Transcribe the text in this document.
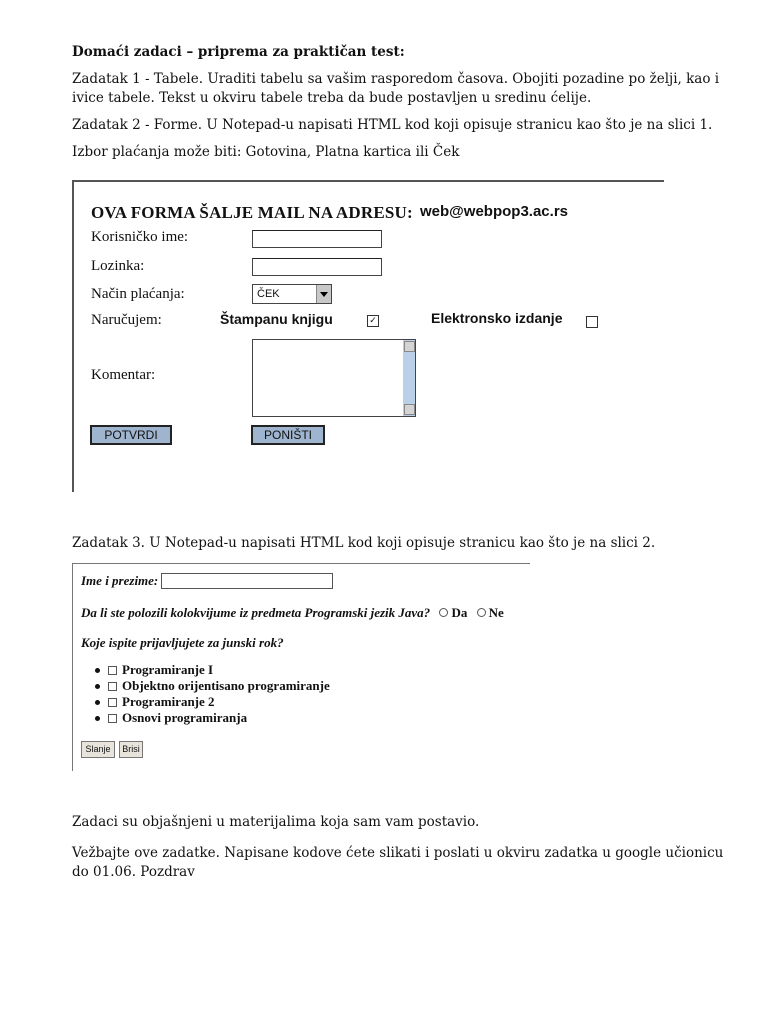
Domaći zadaci – priprema za praktičan test:

Zadatak 1 - Tabele. Uraditi tabelu sa vašim rasporedom časova. Obojiti pozadine po želji, kao i ivice tabele. Tekst u okviru tabele treba da bude postavljen u sredinu ćelije.

Zadatak 2 - Forme. U Notepad-u napisati HTML kod koji opisuje stranicu kao što je na slici 1.

Izbor plaćanja može biti: Gotovina, Platna kartica ili Ček

OVA FORMA ŠALJE MAIL NA ADRESU: web@webpop3.ac.rs
Korisničko ime:
Lozinka:
Način plaćanja:	ČEK
Naručujem:	Štampanu knjigu	✓	Elektronsko izdanje
Komentar:
POTVRDI	PONIŠTI
Zadatak 3. U Notepad-u napisati HTML kod koji opisuje stranicu kao što je na slici 2.
Ime i prezime:
Da li ste polozili kolokvijume iz predmeta Programski jezik Java? Da Ne
Koje ispite prijavljujete za junski rok?
Programiranje I
Objektno orijentisano programiranje
Programiranje 2
Osnovi programiranja
Slanje	Brisi
Zadaci su objašnjeni u materijalima koja sam vam postavio.
Vežbajte ove zadatke. Napisane kodove ćete slikati i poslati u okviru zadatka u google učionicu do 01.06. Pozdrav
